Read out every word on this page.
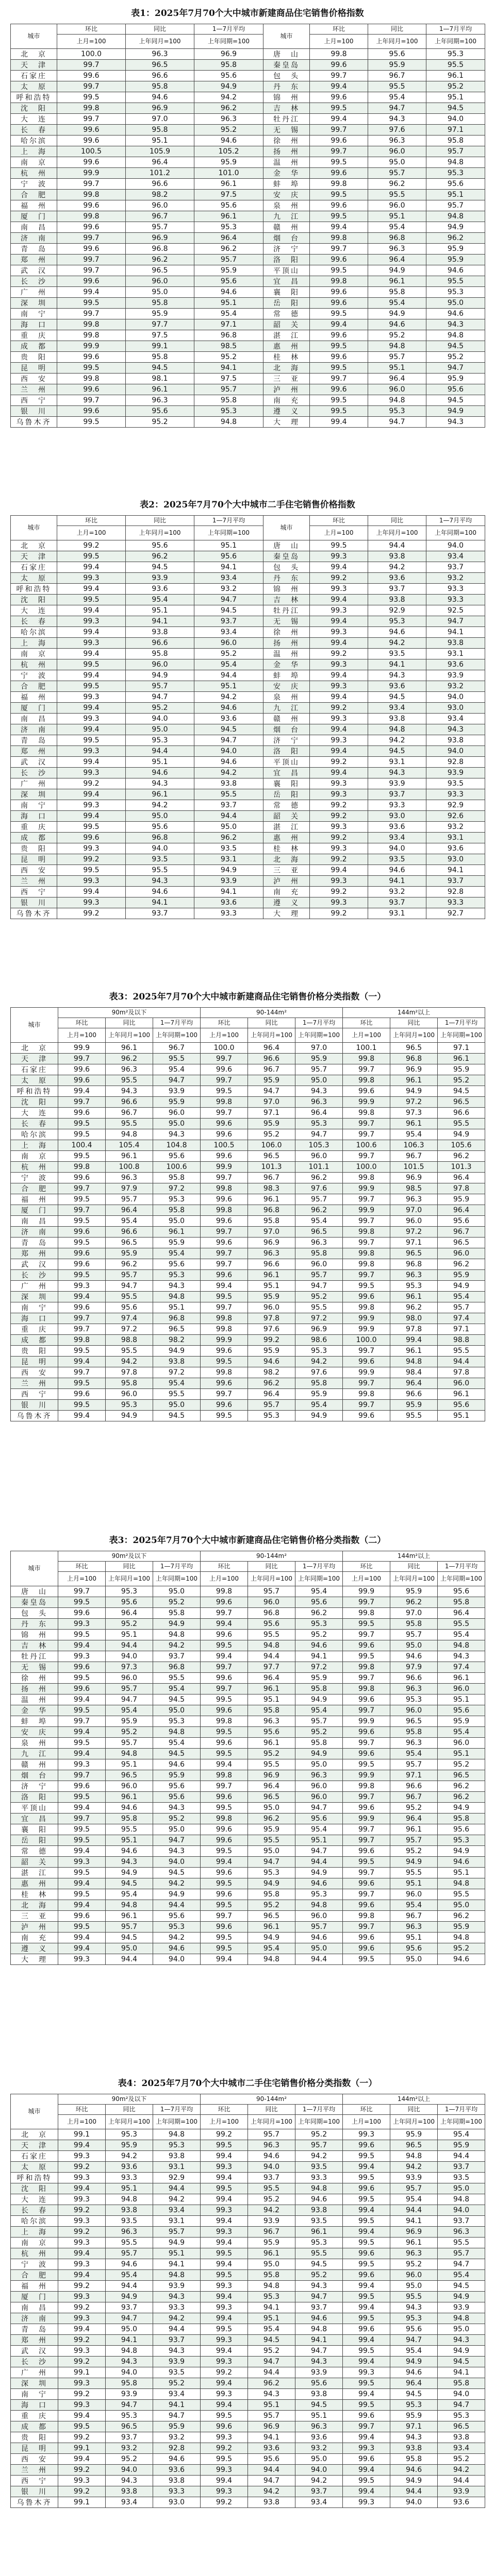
表1：2025年7月70个大中城市新建商品住宅销售价格指数
城市	环比	同比	1—7月平均	城市	环比	同比	1—7月平均
	上月=100	上年同月=100	上年同期=100		上月=100	上年同月=100	上年同期=100
北　京	100.0	96.3	96.9	唐　山	99.8	95.6	95.3
天　津	99.7	96.5	95.8	秦皇岛	99.6	95.9	95.5
石家庄	99.6	96.6	95.6	包　头	99.7	96.7	96.1
太　原	99.7	95.8	94.9	丹　东	99.4	95.5	95.2
呼和浩特	99.5	94.6	94.2	锦　州	99.6	95.4	95.1
沈　阳	99.8	96.9	96.2	吉　林	99.5	94.7	94.5
大　连	99.7	97.0	96.3	牡丹江	99.4	94.3	94.0
长　春	99.6	95.8	95.2	无　锡	99.7	97.6	97.1
哈尔滨	99.6	95.1	94.6	徐　州	99.6	96.3	95.8
上　海	100.5	105.9	105.2	扬　州	99.7	96.0	95.7
南　京	99.6	96.4	95.9	温　州	99.5	95.0	94.8
杭　州	99.9	101.2	101.0	金　华	99.6	95.7	95.3
宁　波	99.7	96.6	96.1	蚌　埠	99.8	96.2	95.6
合　肥	99.8	98.2	97.5	安　庆	99.5	95.5	95.1
福　州	99.6	96.0	95.6	泉　州	99.6	96.0	95.7
厦　门	99.8	96.7	96.1	九　江	99.5	95.1	94.8
南　昌	99.6	95.7	95.3	赣　州	99.4	95.4	94.9
济　南	99.7	96.9	96.4	烟　台	99.8	96.8	96.2
青　岛	99.6	96.8	96.2	济　宁	99.7	96.3	95.9
郑　州	99.7	96.2	95.7	洛　阳	99.6	96.4	95.9
武　汉	99.7	96.5	95.9	平顶山	99.5	94.9	94.6
长　沙	99.6	96.0	95.6	宜　昌	99.8	96.1	95.5
广　州	99.4	95.0	94.6	襄　阳	99.6	95.8	95.3
深　圳	99.5	95.8	95.1	岳　阳	99.6	95.4	95.0
南　宁	99.7	95.9	95.4	常　德	99.5	94.9	94.6
海　口	99.8	97.7	97.1	韶　关	99.4	94.6	94.3
重　庆	99.8	97.5	96.8	湛　江	99.6	95.2	94.8
成　都	99.9	99.1	98.5	惠　州	99.5	94.8	94.5
贵　阳	99.6	95.8	95.2	桂　林	99.6	95.7	95.2
昆　明	99.5	94.5	94.1	北　海	99.5	95.1	94.7
西　安	99.8	98.1	97.5	三　亚	99.7	96.4	95.9
兰　州	99.6	96.1	95.7	泸　州	99.6	96.0	95.6
西　宁	99.7	96.3	95.8	南　充	99.5	94.8	94.5
银　川	99.6	95.6	95.3	遵　义	99.5	95.3	94.9
乌鲁木齐	99.5	95.2	94.8	大　理	99.4	94.7	94.3
表2：2025年7月70个大中城市二手住宅销售价格指数
城市	环比	同比	1—7月平均	城市	环比	同比	1—7月平均
	上月=100	上年同月=100	上年同期=100		上月=100	上年同月=100	上年同期=100
北　京	99.2	95.6	95.1	唐　山	99.5	94.4	94.0
天　津	99.5	96.2	95.6	秦皇岛	99.3	93.8	93.4
石家庄	99.4	94.5	94.1	包　头	99.4	94.2	93.7
太　原	99.3	93.9	93.4	丹　东	99.2	93.6	93.2
呼和浩特	99.4	93.6	93.2	锦　州	99.3	93.7	93.3
沈　阳	99.5	95.4	94.7	吉　林	99.4	93.8	93.3
大　连	99.4	95.1	94.5	牡丹江	99.3	92.9	92.5
长　春	99.3	94.1	93.7	无　锡	99.4	95.3	94.7
哈尔滨	99.4	93.8	93.4	徐　州	99.3	94.6	94.1
上　海	99.3	96.6	96.0	扬　州	99.4	94.2	93.8
南　京	99.4	95.8	95.2	温　州	99.2	93.5	93.1
杭　州	99.5	96.0	95.4	金　华	99.3	94.1	93.6
宁　波	99.4	94.9	94.4	蚌　埠	99.4	94.3	93.9
合　肥	99.5	95.7	95.1	安　庆	99.3	93.6	93.2
福　州	99.3	94.7	94.2	泉　州	99.4	94.5	94.0
厦　门	99.4	95.2	94.6	九　江	99.2	93.4	93.0
南　昌	99.3	94.0	93.6	赣　州	99.3	93.8	93.4
济　南	99.4	95.0	94.5	烟　台	99.4	94.8	94.3
青　岛	99.5	95.3	94.7	济　宁	99.3	94.2	93.8
郑　州	99.3	94.4	94.0	洛　阳	99.4	94.5	94.0
武　汉	99.4	95.1	94.6	平顶山	99.2	93.1	92.8
长　沙	99.3	94.6	94.2	宜　昌	99.4	94.3	93.9
广　州	99.2	94.3	93.8	襄　阳	99.3	93.9	93.5
深　圳	99.4	96.1	95.5	岳　阳	99.3	93.7	93.3
南　宁	99.3	94.2	93.7	常　德	99.2	93.3	92.9
海　口	99.4	95.0	94.4	韶　关	99.2	93.0	92.6
重　庆	99.5	95.6	95.0	湛　江	99.3	93.6	93.2
成　都	99.6	96.8	96.2	惠　州	99.2	93.4	93.1
贵　阳	99.3	94.0	93.5	桂　林	99.3	94.0	93.6
昆　明	99.2	93.5	93.1	北　海	99.2	93.5	93.0
西　安	99.5	95.5	94.9	三　亚	99.4	94.6	94.1
兰　州	99.3	94.3	93.9	泸　州	99.3	94.1	93.7
西　宁	99.4	94.6	94.1	南　充	99.2	93.2	92.8
银　川	99.3	94.1	93.6	遵　义	99.3	93.7	93.3
乌鲁木齐	99.2	93.7	93.3	大　理	99.2	93.1	92.7
表3：2025年7月70个大中城市新建商品住宅销售价格分类指数（一）
城市	90m²及以下			90-144m²			144m²以上		
	环比	同比	1—7月平均	环比	同比	1—7月平均	环比	同比	1—7月平均
	上月=100	上年同月=100	上年同期=100	上月=100	上年同月=100	上年同期=100	上月=100	上年同月=100	上年同期=100
北　京	99.9	96.1	96.7	100.0	96.4	97.0	100.1	96.5	97.1
天　津	99.7	96.2	95.5	99.7	96.6	95.9	99.8	96.8	96.1
石家庄	99.6	96.3	95.4	99.6	96.7	95.7	99.7	96.9	95.9
太　原	99.6	95.5	94.7	99.7	95.9	95.0	99.8	96.1	95.2
呼和浩特	99.4	94.3	93.9	99.5	94.7	94.3	99.6	94.9	94.5
沈　阳	99.7	96.6	95.9	99.8	97.0	96.3	99.9	97.2	96.5
大　连	99.6	96.7	96.0	99.7	97.1	96.4	99.8	97.3	96.6
长　春	99.5	95.5	95.0	99.6	95.9	95.3	99.7	96.1	95.5
哈尔滨	99.5	94.8	94.3	99.6	95.2	94.7	99.7	95.4	94.9
上　海	100.4	105.4	104.8	100.5	106.0	105.3	100.6	106.3	105.6
南　京	99.5	96.1	95.6	99.6	96.5	96.0	99.7	96.7	96.2
杭　州	99.8	100.8	100.6	99.9	101.3	101.1	100.0	101.5	101.3
宁　波	99.6	96.3	95.8	99.7	96.7	96.2	99.8	96.9	96.4
合　肥	99.7	97.9	97.2	99.8	98.3	97.6	99.9	98.5	97.8
福　州	99.5	95.7	95.3	99.6	96.1	95.7	99.7	96.3	95.9
厦　门	99.7	96.4	95.8	99.8	96.8	96.2	99.9	97.0	96.4
南　昌	99.5	95.4	95.0	99.6	95.8	95.4	99.7	96.0	95.6
济　南	99.6	96.6	96.1	99.7	97.0	96.5	99.8	97.2	96.7
青　岛	99.5	96.5	95.9	99.6	96.9	96.3	99.7	97.1	96.5
郑　州	99.6	95.9	95.4	99.7	96.3	95.8	99.8	96.5	96.0
武　汉	99.6	96.2	95.6	99.7	96.6	96.0	99.8	96.8	96.2
长　沙	99.5	95.7	95.3	99.6	96.1	95.7	99.7	96.3	95.9
广　州	99.3	94.7	94.3	99.4	95.1	94.7	99.5	95.3	94.9
深　圳	99.4	95.5	94.8	99.5	95.9	95.2	99.6	96.1	95.4
南　宁	99.6	95.6	95.1	99.7	96.0	95.5	99.8	96.2	95.7
海　口	99.7	97.4	96.8	99.8	97.8	97.2	99.9	98.0	97.4
重　庆	99.7	97.2	96.5	99.8	97.6	96.9	99.9	97.8	97.1
成　都	99.8	98.8	98.2	99.9	99.2	98.6	100.0	99.4	98.8
贵　阳	99.5	95.5	94.9	99.6	95.9	95.3	99.7	96.1	95.5
昆　明	99.4	94.2	93.8	99.5	94.6	94.2	99.6	94.8	94.4
西　安	99.7	97.8	97.2	99.8	98.2	97.6	99.9	98.4	97.8
兰　州	99.5	95.8	95.4	99.6	96.2	95.8	99.7	96.4	96.0
西　宁	99.6	96.0	95.5	99.7	96.4	95.9	99.8	96.6	96.1
银　川	99.5	95.3	95.0	99.6	95.7	95.4	99.7	95.9	95.6
乌鲁木齐	99.4	94.9	94.5	99.5	95.3	94.9	99.6	95.5	95.1
表3：2025年7月70个大中城市新建商品住宅销售价格分类指数（二）
城市	90m²及以下			90-144m²			144m²以上		
	环比	同比	1—7月平均	环比	同比	1—7月平均	环比	同比	1—7月平均
	上月=100	上年同月=100	上年同期=100	上月=100	上年同月=100	上年同期=100	上月=100	上年同月=100	上年同期=100
唐　山	99.7	95.3	95.0	99.8	95.7	95.4	99.9	95.9	95.6
秦皇岛	99.5	95.6	95.2	99.6	96.0	95.6	99.7	96.2	95.8
包　头	99.6	96.4	95.8	99.7	96.8	96.2	99.8	97.0	96.4
丹　东	99.3	95.2	94.9	99.4	95.6	95.3	99.5	95.8	95.5
锦　州	99.5	95.1	94.8	99.6	95.5	95.2	99.7	95.7	95.4
吉　林	99.4	94.4	94.2	99.5	94.8	94.6	99.6	95.0	94.8
牡丹江	99.3	94.0	93.7	99.4	94.4	94.1	99.5	94.6	94.3
无　锡	99.6	97.3	96.8	99.7	97.7	97.2	99.8	97.9	97.4
徐　州	99.5	96.0	95.5	99.6	96.4	95.9	99.7	96.6	96.1
扬　州	99.6	95.7	95.4	99.7	96.1	95.8	99.8	96.3	96.0
温　州	99.4	94.7	94.5	99.5	95.1	94.9	99.6	95.3	95.1
金　华	99.5	95.4	95.0	99.6	95.8	95.4	99.7	96.0	95.6
蚌　埠	99.7	95.9	95.3	99.8	96.3	95.7	99.9	96.5	95.9
安　庆	99.4	95.2	94.8	99.5	95.6	95.2	99.6	95.8	95.4
泉　州	99.5	95.7	95.4	99.6	96.1	95.8	99.7	96.3	96.0
九　江	99.4	94.8	94.5	99.5	95.2	94.9	99.6	95.4	95.1
赣　州	99.3	95.1	94.6	99.4	95.5	95.0	99.5	95.7	95.2
烟　台	99.7	96.5	95.9	99.8	96.9	96.3	99.9	97.1	96.5
济　宁	99.6	96.0	95.6	99.7	96.4	96.0	99.8	96.6	96.2
洛　阳	99.5	96.1	95.6	99.6	96.5	96.0	99.7	96.7	96.2
平顶山	99.4	94.6	94.3	99.5	95.0	94.7	99.6	95.2	94.9
宜　昌	99.7	95.8	95.2	99.8	96.2	95.6	99.9	96.4	95.8
襄　阳	99.5	95.5	95.0	99.6	95.9	95.4	99.7	96.1	95.6
岳　阳	99.5	95.1	94.7	99.6	95.5	95.1	99.7	95.7	95.3
常　德	99.4	94.6	94.3	99.5	95.0	94.7	99.6	95.2	94.9
韶　关	99.3	94.3	94.0	99.4	94.7	94.4	99.5	94.9	94.6
湛　江	99.5	94.9	94.5	99.6	95.3	94.9	99.7	95.5	95.1
惠　州	99.4	94.5	94.2	99.5	94.9	94.6	99.6	95.1	94.8
桂　林	99.5	95.4	94.9	99.6	95.8	95.3	99.7	96.0	95.5
北　海	99.4	94.8	94.4	99.5	95.2	94.8	99.6	95.4	95.0
三　亚	99.6	96.1	95.6	99.7	96.5	96.0	99.8	96.7	96.2
泸　州	99.5	95.7	95.3	99.6	96.1	95.7	99.7	96.3	95.9
南　充	99.4	94.5	94.2	99.5	94.9	94.6	99.6	95.1	94.8
遵　义	99.4	95.0	94.6	99.5	95.4	95.0	99.6	95.6	95.2
大　理	99.3	94.4	94.0	99.4	94.8	94.4	99.5	95.0	94.6
表4：2025年7月70个大中城市二手住宅销售价格分类指数（一）
城市	90m²及以下			90-144m²			144m²以上		
	环比	同比	1—7月平均	环比	同比	1—7月平均	环比	同比	1—7月平均
	上月=100	上年同月=100	上年同期=100	上月=100	上年同月=100	上年同期=100	上月=100	上年同月=100	上年同期=100
北　京	99.1	95.3	94.8	99.2	95.7	95.2	99.3	95.9	95.4
天　津	99.4	95.9	95.3	99.5	96.3	95.7	99.6	96.5	95.9
石家庄	99.3	94.2	93.8	99.4	94.6	94.2	99.5	94.8	94.4
太　原	99.2	93.6	93.1	99.3	94.0	93.5	99.4	94.2	93.7
呼和浩特	99.3	93.3	92.9	99.4	93.7	93.3	99.5	93.9	93.5
沈　阳	99.4	95.1	94.4	99.5	95.5	94.8	99.6	95.7	95.0
大　连	99.3	94.8	94.2	99.4	95.2	94.6	99.5	95.4	94.8
长　春	99.2	93.8	93.4	99.3	94.2	93.8	99.4	94.4	94.0
哈尔滨	99.3	93.5	93.1	99.4	93.9	93.5	99.5	94.1	93.7
上　海	99.2	96.3	95.7	99.3	96.7	96.1	99.4	96.9	96.3
南　京	99.3	95.5	94.9	99.4	95.9	95.3	99.5	96.1	95.5
杭　州	99.4	95.7	95.1	99.5	96.1	95.5	99.6	96.3	95.7
宁　波	99.3	94.6	94.1	99.4	95.0	94.5	99.5	95.2	94.7
合　肥	99.4	95.4	94.8	99.5	95.8	95.2	99.6	96.0	95.4
福　州	99.2	94.4	93.9	99.3	94.8	94.3	99.4	95.0	94.5
厦　门	99.3	94.9	94.3	99.4	95.3	94.7	99.5	95.5	94.9
南　昌	99.2	93.7	93.3	99.3	94.1	93.7	99.4	94.3	93.9
济　南	99.3	94.7	94.2	99.4	95.1	94.6	99.5	95.3	94.8
青　岛	99.4	95.0	94.4	99.5	95.4	94.8	99.6	95.6	95.0
郑　州	99.2	94.1	93.7	99.3	94.5	94.1	99.4	94.7	94.3
武　汉	99.3	94.8	94.3	99.4	95.2	94.7	99.5	95.4	94.9
长　沙	99.2	94.3	93.9	99.3	94.7	94.3	99.4	94.9	94.5
广　州	99.1	94.0	93.5	99.2	94.4	93.9	99.3	94.6	94.1
深　圳	99.3	95.8	95.2	99.4	96.2	95.6	99.5	96.4	95.8
南　宁	99.2	93.9	93.4	99.3	94.3	93.8	99.4	94.5	94.0
海　口	99.3	94.7	94.1	99.4	95.1	94.5	99.5	95.3	94.7
重　庆	99.4	95.3	94.7	99.5	95.7	95.1	99.6	95.9	95.3
成　都	99.5	96.5	95.9	99.6	96.9	96.3	99.7	97.1	96.5
贵　阳	99.2	93.7	93.2	99.3	94.1	93.6	99.4	94.3	93.8
昆　明	99.1	93.2	92.8	99.2	93.6	93.2	99.3	93.8	93.4
西　安	99.4	95.2	94.6	99.5	95.6	95.0	99.6	95.8	95.2
兰　州	99.2	94.0	93.6	99.3	94.4	94.0	99.4	94.6	94.2
西　宁	99.3	94.3	93.8	99.4	94.7	94.2	99.5	94.9	94.4
银　川	99.2	93.8	93.3	99.3	94.2	93.7	99.4	94.4	93.9
乌鲁木齐	99.1	93.4	93.0	99.2	93.8	93.4	99.3	94.0	93.6
